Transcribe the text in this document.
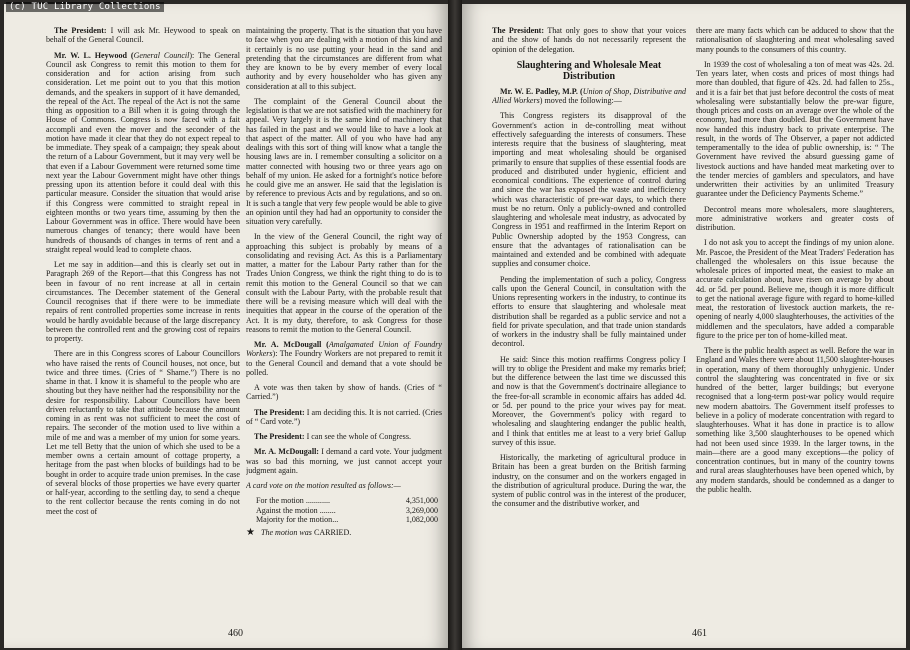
(c) TUC Library Collections

The President: I will ask Mr. Heywood to speak on behalf of the General Council.

Mr. W. L. Heywood (General Council): The General Council ask Congress to remit this motion to them for consideration and for action arising from such consideration. Let me point out to you that this motion demands, and the speakers in support of it have demanded, the repeal of the Act. The repeal of the Act is not the same thing as opposition to a Bill when it is going through the House of Commons. Congress is now faced with a fait accompli and even the mover and the seconder of the motion have made it clear that they do not expect repeal to be immediate. They speak of a campaign; they speak about the return of a Labour Government, but it may very well be that even if a Labour Government were returned some time next year the Labour Government might have other things pressing upon its attention before it could deal with this particular measure. Consider the situation that would arise if this Congress were committed to straight repeal in eighteen months or two years time, assuming by then the Labour Government was in office. There would have been numerous changes of tenancy; there would have been hundreds of thousands of changes in terms of rent and a straight repeal would lead to complete chaos.

Let me say in addition—and this is clearly set out in Paragraph 269 of the Report—that this Congress has not been in favour of no rent increase at all in certain circumstances. The December statement of the General Council recognises that if there were to be immediate repairs of rent controlled properties some increase in rents would be hardly avoidable because of the large discrepancy between the controlled rent and the growing cost of repairs to property.

There are in this Congress scores of Labour Councillors who have raised the rents of Council houses, not once, but twice and three times. (Cries of “ Shame.”) There is no shame in that. I know it is shameful to the people who are shouting but they have neither had the responsibility nor the desire for responsibility. Labour Councillors have been driven reluctantly to take that attitude because the amount coming in as rent was not sufficient to meet the cost of repairs. The seconder of the motion used to live within a mile of me and was a member of my union for some years. Let me tell Betty that the union of which she used to be a member owns a certain amount of cottage property, a heritage from the past when blocks of buildings had to be bought in order to acquire trade union premises. In the case of several blocks of those properties we have every quarter or half-year, according to the settling day, to send a cheque to the rent collector because the rents coming in do not meet the cost of

maintaining the property. That is the situation that you have to face when you are dealing with a motion of this kind and it certainly is no use putting your head in the sand and pretending that the circumstances are different from what they are known to be by every member of every local authority and by every householder who has given any consideration at all to this subject.

The complaint of the General Council about the legislation is that we are not satisfied with the machinery for appeal. Very largely it is the same kind of machinery that has failed in the past and we would like to have a look at that aspect of the matter. All of you who have had any dealings with this sort of thing will know what a tangle the housing laws are in. I remember consulting a solicitor on a matter connected with housing two or three years ago on behalf of my union. He asked for a fortnight's notice before he could give me an answer. He said that the legislation is by reference to previous Acts and by regulations, and so on. It is such a tangle that very few people would be able to give an opinion until they had had an opportunity to consider the situation very carefully.

In the view of the General Council, the right way of approaching this subject is probably by means of a consolidating and revising Act. As this is a Parliamentary matter, a matter for the Labour Party rather than for the Trades Union Congress, we think the right thing to do is to remit this motion to the General Council so that we can consult with the Labour Party, with the probable result that there will be a revising measure which will deal with the inequities that appear in the course of the operation of the Act. It is my duty, therefore, to ask Congress for those reasons to remit the motion to the General Council.

Mr. A. McDougall (Amalgamated Union of Foundry Workers): The Foundry Workers are not prepared to remit it to the General Council and demand that a vote should be polled.

A vote was then taken by show of hands. (Cries of “ Carried.”)

The President: I am deciding this. It is not carried. (Cries of “ Card vote.”)

The President: I can see the whole of Congress.

Mr. A. McDougall: I demand a card vote. Your judgment was so bad this morning, we just cannot accept your judgment again.

A card vote on the motion resulted as follows:—

For the motion ............	4,351,000
Against the motion ........	3,269,000
Majority for the motion...	1,082,000

★ The motion was CARRIED.

460

The President: That only goes to show that your voices and the show of hands do not necessarily represent the opinion of the delegation.

Slaughtering and Wholesale Meat Distribution

Mr. W. E. Padley, M.P. (Union of Shop, Distributive and Allied Workers) moved the following:—

This Congress registers its disapproval of the Government's action in de-controlling meat without effectively safeguarding the interests of consumers. These interests require that the business of slaughtering, meat importing and meat wholesaling should be organised primarily to ensure that supplies of these essential foods are produced and distributed under hygienic, efficient and economical conditions. The experience of control during and since the war has exposed the waste and inefficiency which was characteristic of pre-war days, to which there must be no return. Only a publicly-owned and controlled slaughtering and wholesale meat industry, as advocated by Congress in 1951 and reaffirmed in the Interim Report on Public Ownership adopted by the 1953 Congress, can ensure that the advantages of rationalisation can be maintained and extended and be combined with adequate supplies and consumer choice.

Pending the implementation of such a policy, Congress calls upon the General Council, in consultation with the Unions representing workers in the industry, to continue its efforts to ensure that slaughtering and wholesale meat distribution shall be regarded as a public service and not a field for private speculation, and that trade union standards of workers in the industry shall be fully maintained under decontrol.

He said: Since this motion reaffirms Congress policy I will try to oblige the President and make my remarks brief; but the difference between the last time we discussed this and now is that the Government's doctrinaire allegiance to the free-for-all scramble in economic affairs has added 4d. or 5d. per pound to the price your wives pay for meat. Moreover, the Government's policy with regard to wholesaling and slaughtering endanger the public health, and I think that entitles me at least to a very brief Gallup survey of this issue.

Historically, the marketing of agricultural produce in Britain has been a great burden on the British farming industry, on the consumer and on the workers engaged in the distribution of agricultural produce. During the war, the system of public control was in the interest of the producer, the consumer and the distributive worker, and

there are many facts which can be adduced to show that the rationalisation of slaughtering and meat wholesaling saved many pounds to the consumers of this country.

In 1939 the cost of wholesaling a ton of meat was 42s. 2d. Ten years later, when costs and prices of most things had more than doubled, that figure of 42s. 2d. had fallen to 25s., and it is a fair bet that just before decontrol the costs of meat wholesaling were substantially below the pre-war figure, though prices and costs on an average over the whole of the economy, had more than doubled. But the Government have now handed this industry back to private enterprise. The result, in the words of The Observer, a paper not addicted temperamentally to the idea of public ownership, is: “ The Government have revived the absurd guessing game of livestock auctions and have handed meat marketing over to the tender mercies of gamblers and speculators, and have underwritten their activities by an unlimited Treasury guarantee under the Deficiency Payments Scheme.”

Decontrol means more wholesalers, more slaughterers, more administrative workers and greater costs of distribution.

I do not ask you to accept the findings of my union alone. Mr. Pascoe, the President of the Meat Traders' Federation has challenged the wholesalers on this issue because the wholesale prices of imported meat, the easiest to make an accurate calculation about, have risen on average by about 4d. or 5d. per pound. Believe me, though it is more difficult to get the national average figure with regard to home-killed meat, the restoration of livestock auction markets, the re-opening of nearly 4,000 slaughterhouses, the activities of the middlemen and the speculators, have added a comparable figure to the price per ton of home-killed meat.

There is the public health aspect as well. Before the war in England and Wales there were about 11,500 slaughter-houses in operation, many of them thoroughly unhygienic. Under control the slaughtering was concentrated in five or six hundred of the better, larger buildings; but everyone recognised that a long-term post-war policy would require new modern abattoirs. The Government itself professes to believe in a policy of moderate concentration with regard to slaughterhouses. What it has done in practice is to allow something like 3,500 slaughterhouses to be opened which had not been used since 1939. In the larger towns, in the main—there are a good many exceptions—the policy of concentration continues, but in many of the country towns and rural areas slaughterhouses have been opened which, by any modern standards, should be condemned as a danger to the public health.

461
